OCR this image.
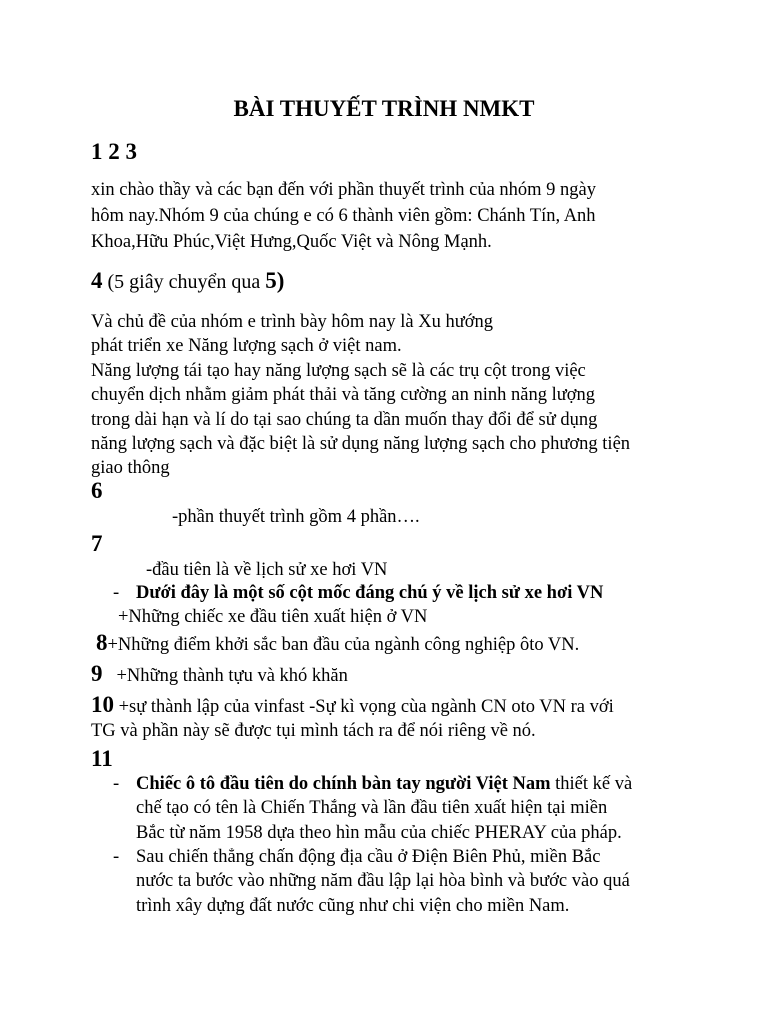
BÀI THUYẾT TRÌNH NMKT
1 2 3
xin chào thầy và các bạn đến với phần thuyết trình của nhóm 9 ngày
hôm nay.Nhóm 9 của chúng e có 6 thành viên gồm: Chánh Tín, Anh
Khoa,Hữu Phúc,Việt Hưng,Quốc Việt và Nông Mạnh.
4 (5 giây chuyển qua 5)
Và chủ đề của nhóm e trình bày hôm nay là Xu hướng
phát triển xe Năng lượng sạch ở việt nam.
Năng lượng tái tạo hay năng lượng sạch sẽ là các trụ cột trong việc
chuyển dịch nhằm giảm phát thải và tăng cường an ninh năng lượng
trong dài hạn và lí do tại sao chúng ta dần muốn thay đổi để sử dụng
năng lượng sạch và đặc biệt là sử dụng năng lượng sạch cho phương tiện
giao thông
6
-phần thuyết trình gồm 4 phần….
7
-đầu tiên là về lịch sử xe hơi VN
- Dưới đây là một số cột mốc đáng chú ý về lịch sử xe hơi VN
+Những chiếc xe đầu tiên xuất hiện ở VN
8+Những điểm khởi sắc ban đầu của ngành công nghiệp ôto VN.
9 +Những thành tựu và khó khăn
10 +sự thành lập của vinfast -Sự kì vọng cùa ngành CN oto VN ra với
TG và phần này sẽ được tụi mình tách ra để nói riêng về nó.
11
- Chiếc ô tô đầu tiên do chính bàn tay người Việt Nam thiết kế và
chế tạo có tên là Chiến Thắng và lần đầu tiên xuất hiện tại miền
Bắc từ năm 1958 dựa theo hìn mẫu của chiếc PHERAY của pháp.
- Sau chiến thẳng chấn động địa cầu ở Điện Biên Phủ, miền Bắc
nước ta bước vào những năm đầu lập lại hòa bình và bước vào quá
trình xây dựng đất nước cũng như chi viện cho miền Nam.
